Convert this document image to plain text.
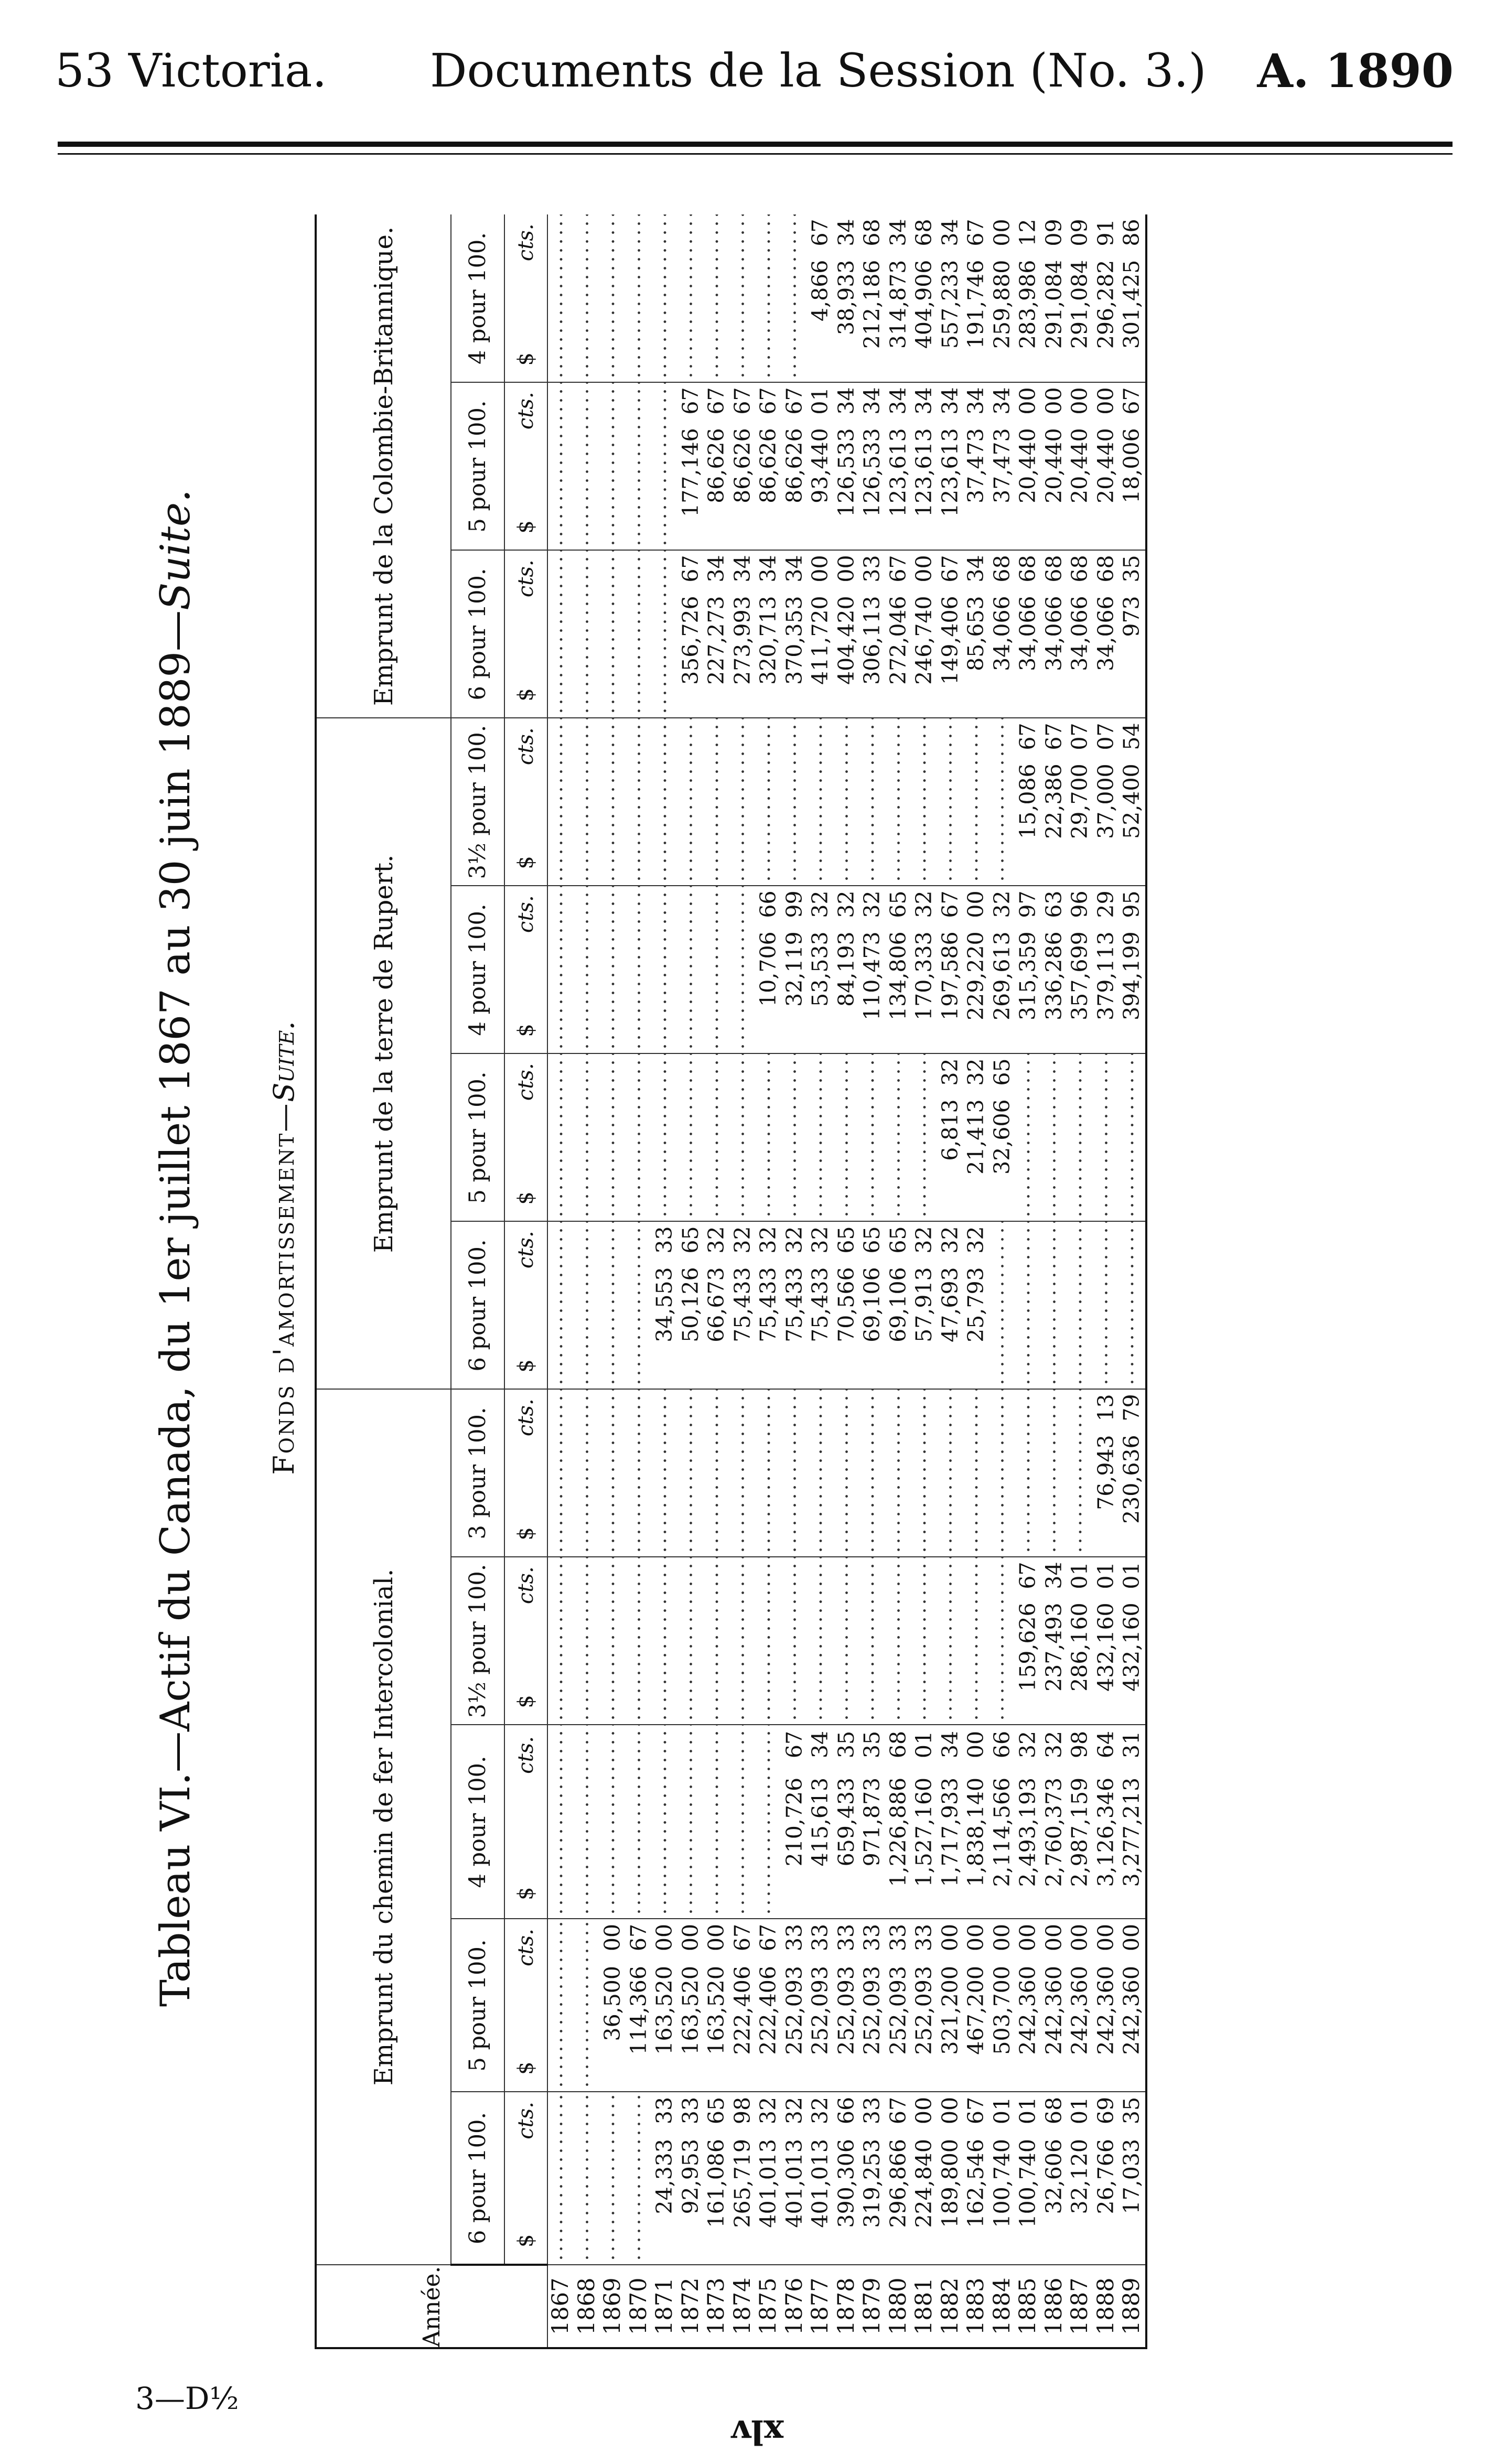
53 Victoria. Documents de la Session (No. 3.) A. 1890
Tableau VI.—Actif du Canada, du 1er juillet 1867 au 30 juin 1889—Suite.
Fonds d'amortissement—Suite.
Année.	Emprunt du chemin de fer Intercolonial.					Emprunt de la terre de Rupert.				Emprunt de la Colombie-Britannique.		
	6 pour 100.	5 pour 100.	4 pour 100.	3½ pour 100.	3 pour 100.	6 pour 100.	5 pour 100.	4 pour 100.	3½ pour 100.	6 pour 100.	5 pour 100.	4 pour 100.
	$cts.	$cts.	$cts.	$cts.	$cts.	$cts.	$cts.	$cts.	$cts.	$cts.	$cts.	$cts.
1867												
1868												
1869		36,50000										
1870		114,36667										
1871	24,33333	163,52000				34,55333						
1872	92,95333	163,52000				50,12665				356,72667	177,14667	
1873	161,08665	163,52000				66,67332				227,27334	86,62667	
1874	265,71998	222,40667				75,43332				273,99334	86,62667	
1875	401,01332	222,40667				75,43332		10,70666		320,71334	86,62667	
1876	401,01332	252,09333	210,72667			75,43332		32,11999		370,35334	86,62667	
1877	401,01332	252,09333	415,61334			75,43332		53,53332		411,72000	93,44001	4,86667
1878	390,30666	252,09333	659,43335			70,56665		84,19332		404,42000	126,53334	38,93334
1879	319,25333	252,09333	971,87335			69,10665		110,47332		306,11333	126,53334	212,18668
1880	296,86667	252,09333	1,226,88668			69,10665		134,80665		272,04667	123,61334	314,87334
1881	224,84000	252,09333	1,527,16001			57,91332		170,33332		246,74000	123,61334	404,90668
1882	189,80000	321,20000	1,717,93334			47,69332	6,81332	197,58667		149,40667	123,61334	557,23334
1883	162,54667	467,20000	1,838,14000			25,79332	21,41332	229,22000		85,65334	37,47334	191,74667
1884	100,74001	503,70000	2,114,56666				32,60665	269,61332		34,06668	37,47334	259,88000
1885	100,74001	242,36000	2,493,19332	159,62667				315,35997	15,08667	34,06668	20,44000	283,98612
1886	32,60668	242,36000	2,760,37332	237,49334				336,28663	22,38667	34,06668	20,44000	291,08409
1887	32,12001	242,36000	2,987,15998	286,16001				357,69996	29,70007	34,06668	20,44000	291,08409
1888	26,76669	242,36000	3,126,34664	432,16001	76,94313			379,11329	37,00007	34,06668	20,44000	296,28291
1889	17,03335	242,36000	3,277,21331	432,16001	230,63679			394,19995	52,40054	97335	18,00667	301,42586
3—D½
xlv
